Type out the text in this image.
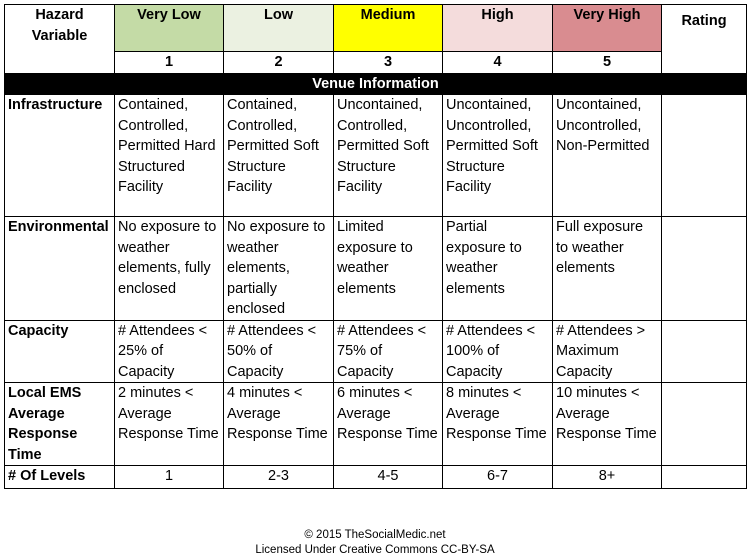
Hazard Variable	Very Low	Low	Medium	High	Very High	Rating
	1	2	3	4	5	
Venue Information						
Infrastructure	Contained, Controlled, Permitted Hard Structured Facility	Contained, Controlled, Permitted Soft Structure Facility	Uncontained, Controlled, Permitted Soft Structure Facility	Uncontained, Uncontrolled, Permitted Soft Structure Facility	Uncontained, Uncontrolled, Non-Permitted	
Environmental	No exposure to weather elements, fully enclosed	No exposure to weather elements, partially enclosed	Limited exposure to weather elements	Partial exposure to weather elements	Full exposure to weather elements	
Capacity	# Attendees < 25% of Capacity	# Attendees < 50% of Capacity	# Attendees < 75% of Capacity	# Attendees < 100% of Capacity	# Attendees > Maximum Capacity	
Local EMS Average Response Time	2 minutes < Average Response Time	4 minutes < Average Response Time	6 minutes < Average Response Time	8 minutes < Average Response Time	10 minutes < Average Response Time	
# Of Levels	1	2-3	4-5	6-7	8+	
© 2015 TheSocialMedic.net
Licensed Under Creative Commons CC-BY-SA
